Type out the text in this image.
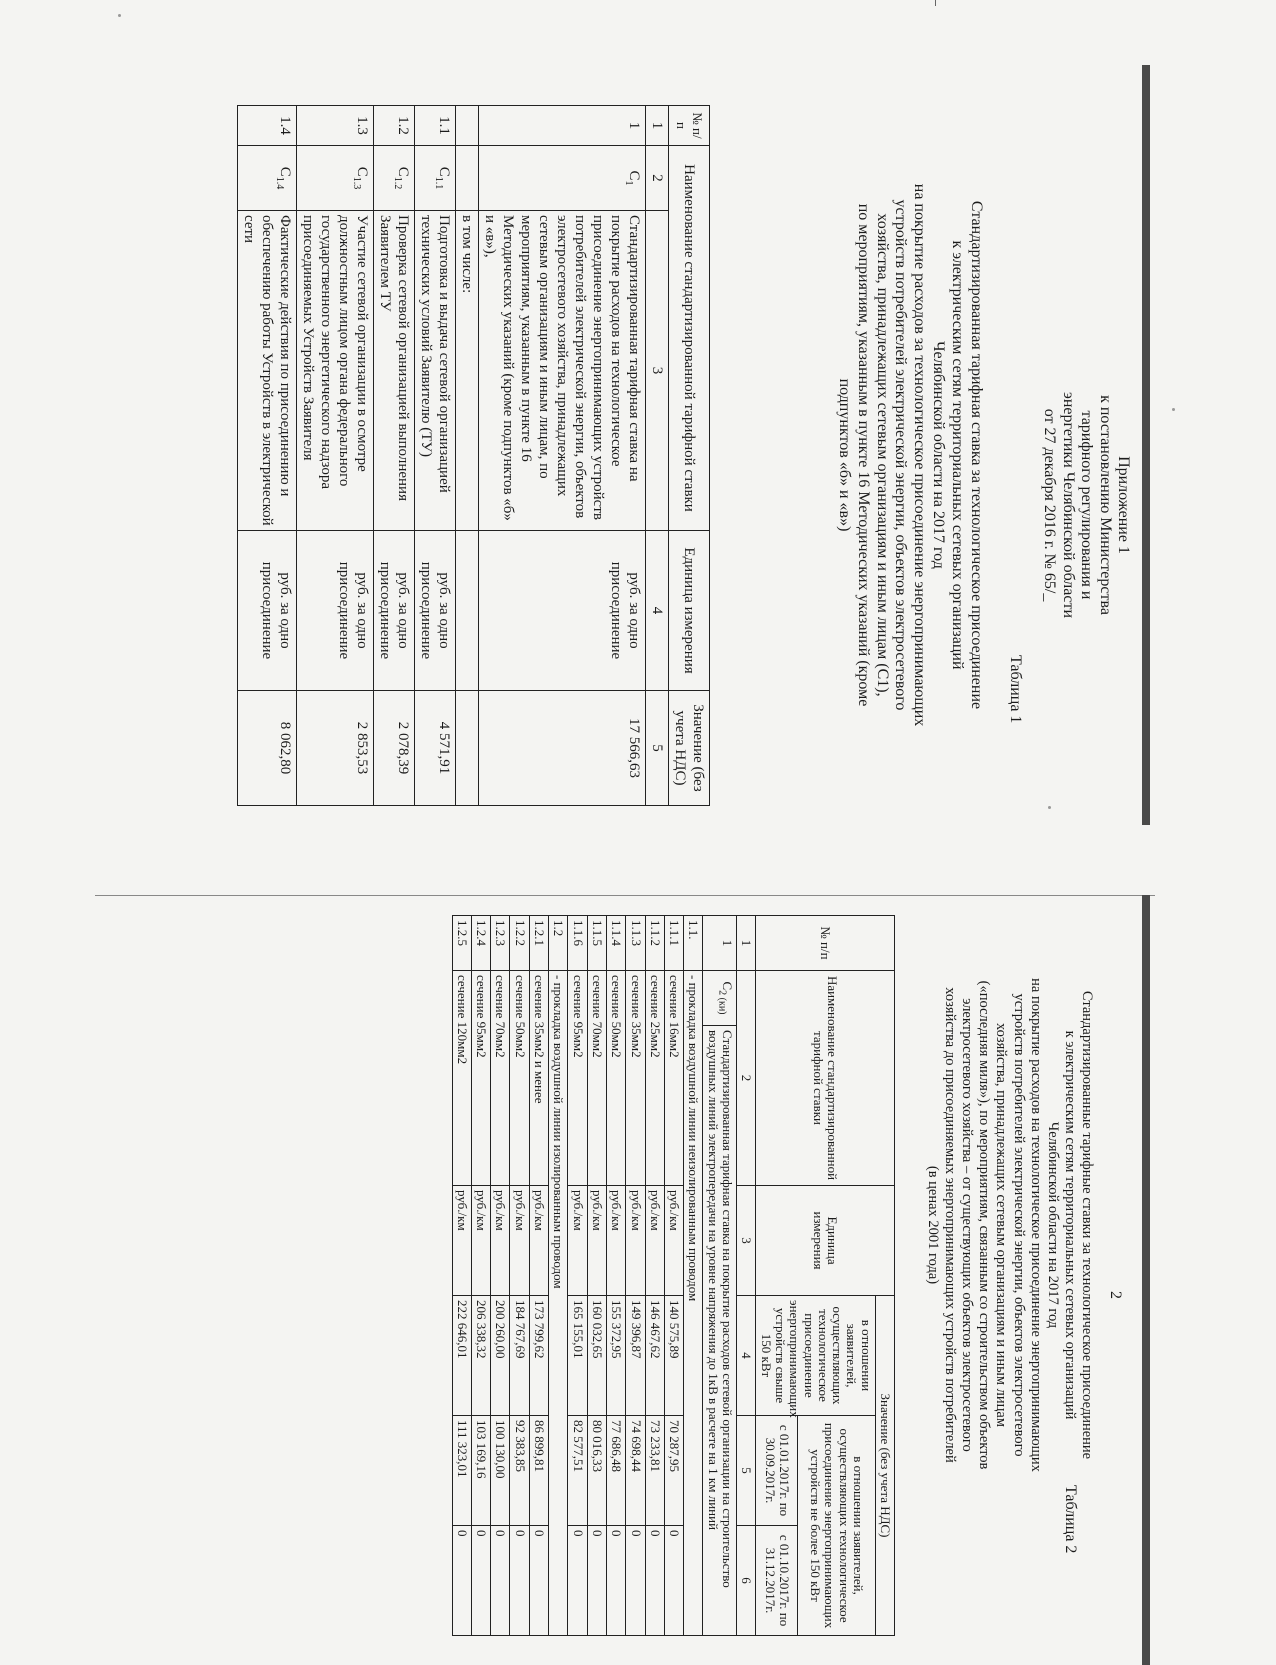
Приложение 1
к постановлению Министерства
тарифного регулирования и
энергетики Челябинской области
от 27 декабря 2016 г. № 65/_
Таблица 1
Стандартизированная тарифная ставка за технологическое присоединение
к электрическим сетям территориальных сетевых организаций
Челябинской области на 2017 год
на покрытие расходов за технологическое присоединение энергопринимающих
устройств потребителей электрической энергии, объектов электросетевого
хозяйства, принадлежащих сетевым организациям и иным лицам (С1),
по мероприятиям, указанным в пункте 16 Методических указаний (кроме
подпунктов «б» и «в»)
№ п/п	Наименование стандартизированной тарифной ставки		Единица измерения	Значение (без учета НДС)
1	2	3	4	5
1	$С_1$	Стандартизированная тарифная ставка на покрытие расходов на технологическое присоединение энергопринимающих устройств потребителей электрической энергии, объектов электросетевого хозяйства, принадлежащих сетевым организациям и иным лицам, по мероприятиям, указанным в пункте 16 Методических указаний (кроме подпунктов «б» и «в»),	руб. за одно присоединение	17 566,63
		в том числе:		
1.1	$С_{1.1}$	Подготовка и выдача сетевой организацией технических условий Заявителю (ТУ)	руб. за одно присоединение	4 571,91
1.2	$С_{1.2}$	Проверка сетевой организацией выполнения Заявителем ТУ	руб. за одно присоединение	2 078,39
1.3	$С_{1.3}$	Участие сетевой организации в осмотре должностным лицом органа федерального государственного энергетического надзора присоединяемых Устройств Заявителя	руб. за одно присоединение	2 853,53
1.4	$С_{1.4}$	Фактические действия по присоединению и обеспечению работы Устройств в электрической сети	руб. за одно присоединение	8 062,80
2
Таблица 2
Стандартизированные тарифные ставки за технологическое присоединение
к электрическим сетям территориальных сетевых организаций
Челябинской области на 2017 год
на покрытие расходов на технологическое присоединение энергопринимающих
устройств потребителей электрической энергии, объектов электросетевого
хозяйства, принадлежащих сетевым организациям и иным лицам
(«последняя миля»), по мероприятиям, связанным со строительством объектов
электросетевого хозяйства – от существующих объектов электросетевого
хозяйства до присоединяемых энергопринимающих устройств потребителей
(в ценах 2001 года)
№ п/п	Наименование стандартизированной тарифной ставки		Единица измерения	Значение (без учета НДС)		
				в отношении заявителей, осуществляющих технологическое присоединение энергопринимающих устройств свыше 150 кВт	в отношении заявителей, осуществляющих технологическое присоединение энергопринимающих устройств не более 150 кВт	
					с 01.01.2017г. по 30.09.2017г.	с 01.10.2017г. по 31.12.2017г.
1	2		3	4	5	6
1	$С_{2 (ки)}$	Стандартизированная тарифная ставка на покрытие расходов сетевой организации на строительство воздушных линий электропередачи на уровне напряжения до 1кВ в расчете на 1 км линий				
1.1.	- прокладка воздушной линии неизолированным проводом					
1.1.1	сечение 16мм2		руб./км	140 575,89	70 287,95	0
1.1.2	сечение 25мм2		руб./км	146 467,62	73 233,81	0
1.1.3	сечение 35мм2		руб./км	149 396,87	74 698,44	0
1.1.4	сечение 50мм2		руб./км	155 372,95	77 686,48	0
1.1.5	сечение 70мм2		руб./км	160 032,65	80 016,33	0
1.1.6	сечение 95мм2		руб./км	165 155,01	82 577,51	0
1.2	- прокладка воздушной линии изолированным проводом					
1.2.1	сечение 35мм2 и менее		руб./км	173 799,62	86 899,81	0
1.2.2	сечение 50мм2		руб./км	184 767,69	92 383,85	0
1.2.3	сечение 70мм2		руб./км	200 260,00	100 130,00	0
1.2.4	сечение 95мм2		руб./км	206 338,32	103 169,16	0
1.2.5	сечение 120мм2		руб./км	222 646,01	111 323,01	0
